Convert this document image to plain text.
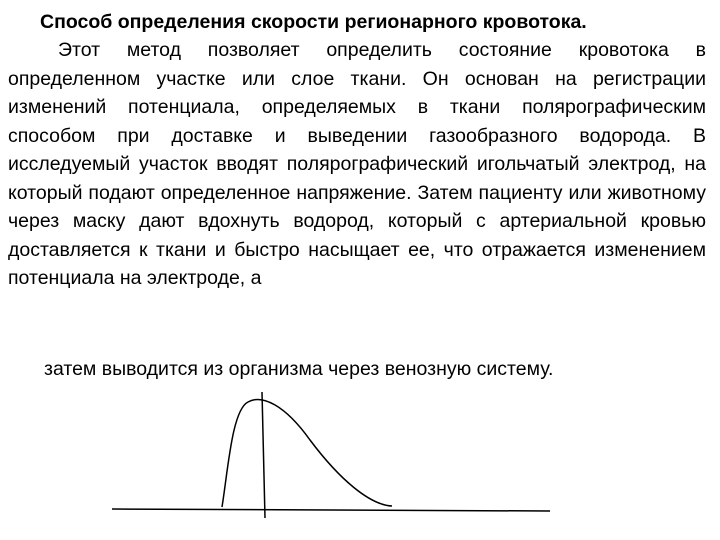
Способ определения скорости регионарного кровотока.
Этот метод позволяет определить состояние кровотока в определенном участке или слое ткани. Он основан на регистрации изменений потенциала, определяемых в ткани полярографическим способом при доставке и выведении газообразного водорода. В исследуемый участок вводят полярографический игольчатый электрод, на который подают определенное напряжение. Затем пациенту или животному через маску дают вдохнуть водород, который с артериальной кровью доставляется к ткани и быстро насыщает ее, что отражается изменением потенциала на электроде, а
затем выводится из организма через венозную систему.
